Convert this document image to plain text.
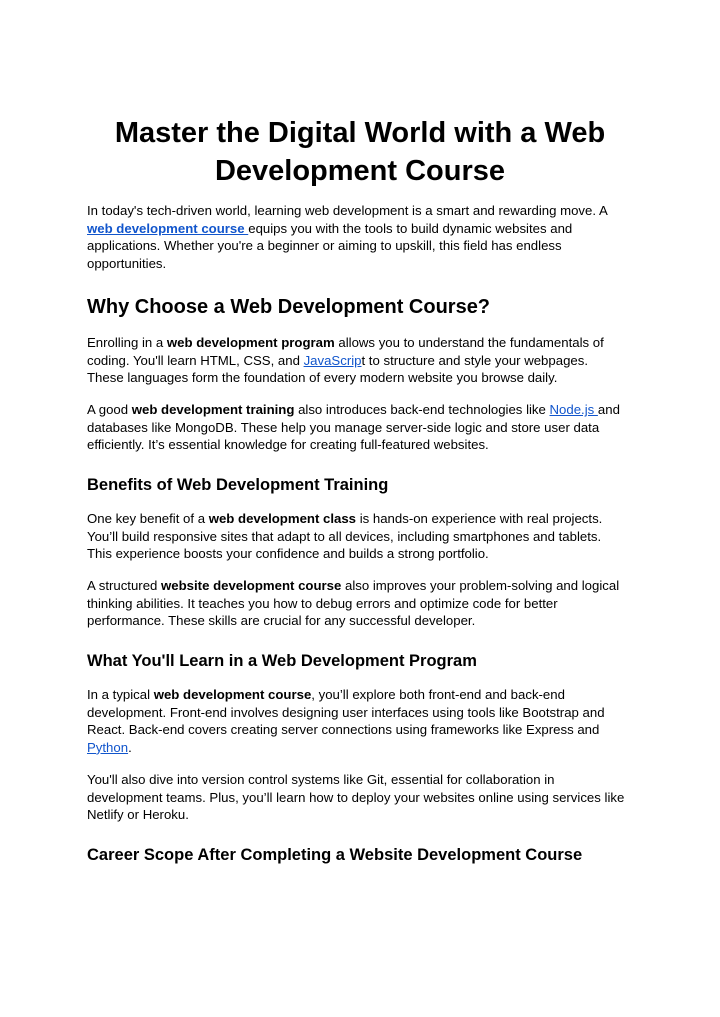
Master the Digital World with a Web
Development Course

In today's tech-driven world, learning web development is a smart and rewarding move. A
web development course equips you with the tools to build dynamic websites and
applications. Whether you're a beginner or aiming to upskill, this field has endless
opportunities.

Why Choose a Web Development Course?

Enrolling in a web development program allows you to understand the fundamentals of
coding. You'll learn HTML, CSS, and JavaScript to structure and style your webpages.
These languages form the foundation of every modern website you browse daily.

A good web development training also introduces back-end technologies like Node.js and
databases like MongoDB. These help you manage server-side logic and store user data
efficiently. It’s essential knowledge for creating full-featured websites.

Benefits of Web Development Training

One key benefit of a web development class is hands-on experience with real projects.
You’ll build responsive sites that adapt to all devices, including smartphones and tablets.
This experience boosts your confidence and builds a strong portfolio.

A structured website development course also improves your problem-solving and logical
thinking abilities. It teaches you how to debug errors and optimize code for better
performance. These skills are crucial for any successful developer.

What You'll Learn in a Web Development Program

In a typical web development course, you’ll explore both front-end and back-end
development. Front-end involves designing user interfaces using tools like Bootstrap and
React. Back-end covers creating server connections using frameworks like Express and
Python.

You'll also dive into version control systems like Git, essential for collaboration in
development teams. Plus, you’ll learn how to deploy your websites online using services like
Netlify or Heroku.

Career Scope After Completing a Website Development Course
